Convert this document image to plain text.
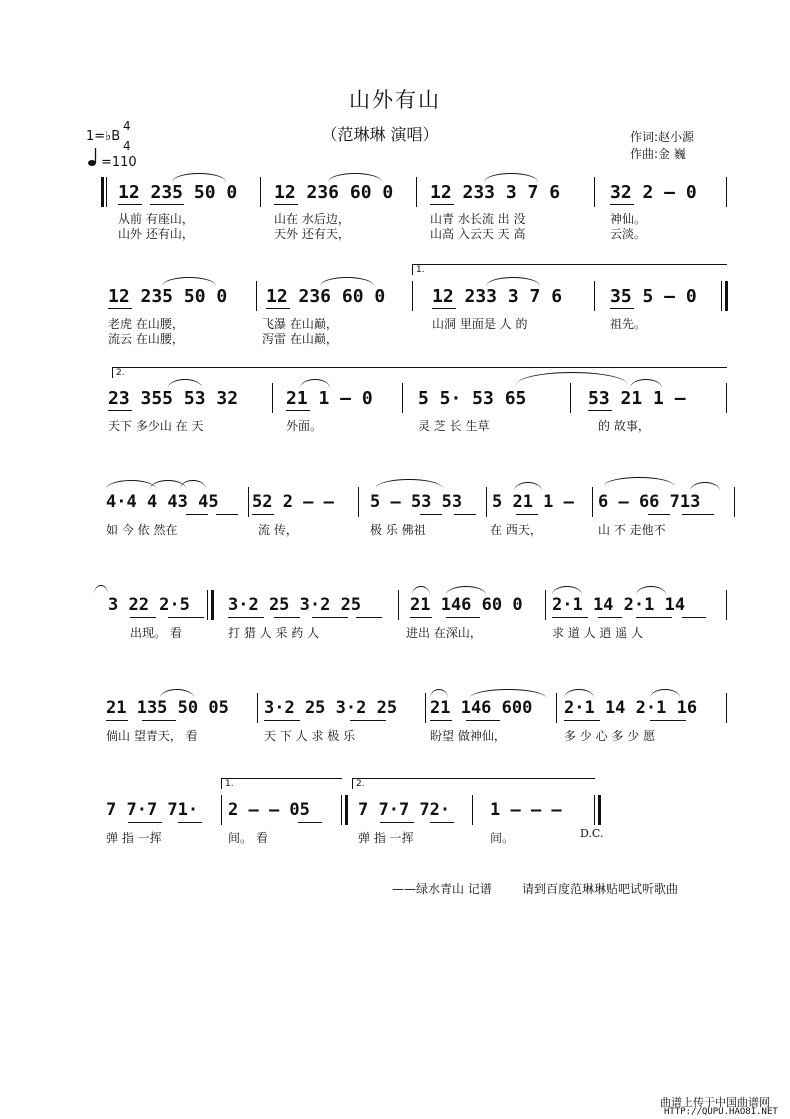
山外有山
（范琳琳 演唱）
1=♭B
4
4
=110
作词:赵小源
作曲:金 巍
12 235 50 0 12 236 60 0 12 233 3 7 6	32 2 – 0
从前 有座山，	山在 水后边，	山青 水长流 出 没	神仙。
山外 还有山，	天外 还有天，	山高 入云天 天 高	云淡。
1.
12 235 50 0 12 236 60 0	12 233 3 7 6	35 5 – 0
老虎 在山腰，	飞瀑 在山巅，	山洞 里面是 人 的	祖先。
流云 在山腰，	泻雷 在山巅，
2.
23 355 53 32	21 1 – 0	5 5· 53 65	53 21 1 –
天下 多少山 在 天	外面。	灵 芝 长 生草	的 故事，
4·4 4 43 45 52 2 – – 5 – 53 53 5 21 1 – 6 – 66 713
如 今 依 然在	流 传，	极 乐 佛祖	在 西天，	山 不 走他不
3 22 2·5 3·2 25 3·2 25	21 146 60 0 2·1 14 2·1 14
出现。 看	打 猎 人 采 药 人	进出 在深山，	求 道 人 逍 遥 人
21 135 50 05 3·2 25 3·2 25 21 146 600 2·1 14 2·1 16
倘山 望青天， 看	天 下 人 求 极 乐	盼望 做神仙，	多 少 心 多 少 愿
1.	2.
7 7·7 71· 2 – – 05	7 7·7 72· 1 – – –
弹 指 一挥	间。 看	弹 指 一挥	间。	D.C.
——绿水青山 记谱	请到百度范琳琳贴吧试听歌曲
曲谱上传于中国曲谱网
HTTP://QUPU.HAO8I.NET
